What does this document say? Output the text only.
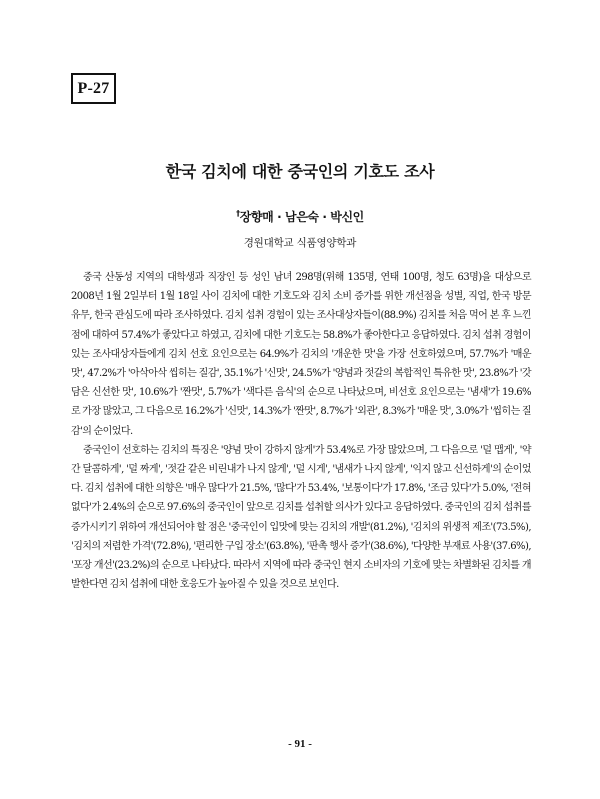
P-27
한국 김치에 대한 중국인의 기호도 조사
†장향매 · 남은숙 · 박신인
경원대학교 식품영양학과

중국 산동성 지역의 대학생과 직장인 등 성인 남녀 298명(위해 135명, 연태 100명, 청도 63명)을 대상으로 2008년 1월 2일부터 1월 18일 사이 김치에 대한 기호도와 김치 소비 증가를 위한 개선점을 성별, 직업, 한국 방문 유무, 한국 관심도에 따라 조사하였다. 김치 섭취 경험이 있는 조사대상자들이(88.9%) 김치를 처음 먹어 본 후 느낀 점에 대하여 57.4%가 좋았다고 하였고, 김치에 대한 기호도는 58.8%가 좋아한다고 응답하였다. 김치 섭취 경험이 있는 조사대상자들에게 김치 선호 요인으로는 64.9%가 김치의 '개운한 맛'을 가장 선호하였으며, 57.7%가 '매운 맛', 47.2%가 '아삭아삭 씹히는 질감', 35.1%가 '신맛', 24.5%가 '양념과 젓갈의 복합적인 특유한 맛', 23.8%가 '갓 담은 신선한 맛', 10.6%가 '짠맛', 5.7%가 '색다른 음식'의 순으로 나타났으며, 비선호 요인으로는 '냄새'가 19.6%로 가장 많았고, 그 다음으로 16.2%가 '신맛', 14.3%가 '짠맛', 8.7%가 '외관', 8.3%가 '매운 맛', 3.0%가 '씹히는 질감'의 순이었다.

중국인이 선호하는 김치의 특징은 '양념 맛이 강하지 않게'가 53.4%로 가장 많았으며, 그 다음으로 '덜 맵게', '약간 달콤하게', '덜 짜게', '젓갈 같은 비린내가 나지 않게', '덜 시게', '냄새가 나지 않게', '익지 않고 신선하게'의 순이었다. 김치 섭취에 대한 의향은 '매우 많다'가 21.5%, '많다'가 53.4%, '보통이다'가 17.8%, '조금 있다'가 5.0%, '전혀 없다'가 2.4%의 순으로 97.6%의 중국인이 앞으로 김치를 섭취할 의사가 있다고 응답하였다. 중국인의 김치 섭취를 증가시키기 위하여 개선되어야 할 점은 '중국인이 입맛에 맞는 김치의 개발'(81.2%), '김치의 위생적 제조'(73.5%), '김치의 저렴한 가격'(72.8%), '편리한 구입 장소'(63.8%), '판촉 행사 증가'(38.6%), '다양한 부재료 사용'(37.6%), '포장 개선'(23.2%)의 순으로 나타났다. 따라서 지역에 따라 중국인 현지 소비자의 기호에 맞는 차별화된 김치를 개발한다면 김치 섭취에 대한 호응도가 높아질 수 있을 것으로 보인다.

- 91 -
